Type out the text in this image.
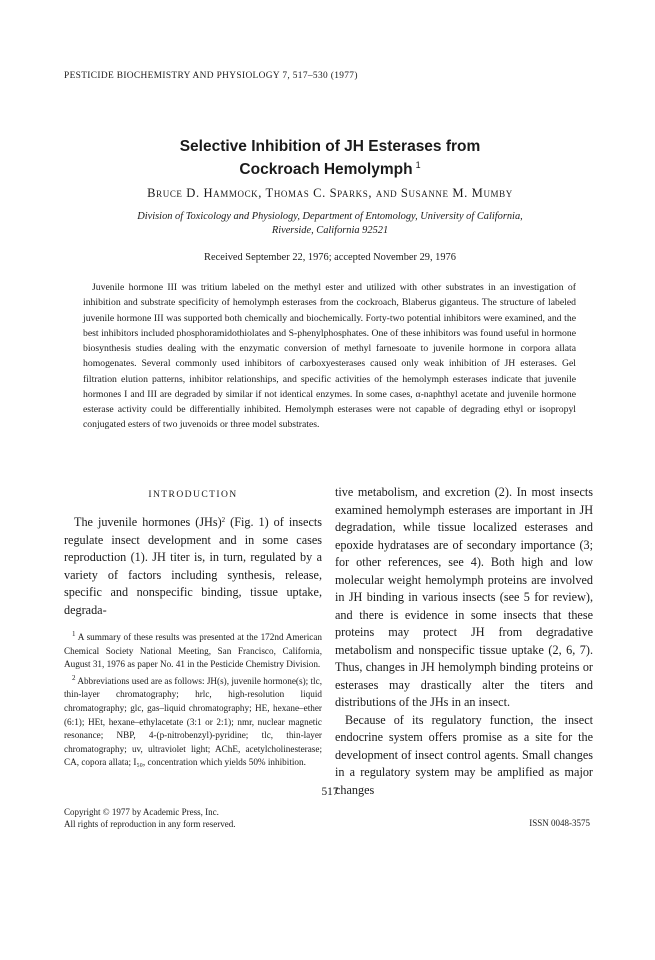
PESTICIDE BIOCHEMISTRY AND PHYSIOLOGY 7, 517–530 (1977)
Selective Inhibition of JH Esterases from
Cockroach Hemolymph $^1$
Bruce D. Hammock, Thomas C. Sparks, and Susanne M. Mumby
Division of Toxicology and Physiology, Department of Entomology, University of California,
Riverside, California 92521
Received September 22, 1976; accepted November 29, 1976
Juvenile hormone III was tritium labeled on the methyl ester and utilized with other substrates in an investigation of inhibition and substrate specificity of hemolymph esterases from the cockroach, Blaberus giganteus. The structure of labeled juvenile hormone III was supported both chemically and biochemically. Forty-two potential inhibitors were examined, and the best inhibitors included phosphoramidothiolates and S-phenylphosphates. One of these inhibitors was found useful in hormone biosynthesis studies dealing with the enzymatic conversion of methyl farnesoate to juvenile hormone in corpora allata homogenates. Several commonly used inhibitors of carboxyesterases caused only weak inhibition of JH esterases. Gel filtration elution patterns, inhibitor relationships, and specific activities of the hemolymph esterases indicate that juvenile hormones I and III are degraded by similar if not identical enzymes. In some cases, α-naphthyl acetate and juvenile hormone esterase activity could be differentially inhibited. Hemolymph esterases were not capable of degrading ethyl or isopropyl conjugated esters of two juvenoids or three model substrates.
INTRODUCTION

The juvenile hormones (JHs)$^2$ (Fig. 1) of insects regulate insect development and in some cases reproduction (1). JH titer is, in turn, regulated by a variety of factors including synthesis, release, specific and nonspecific binding, tissue uptake, degrada-

$^1$ A summary of these results was presented at the 172nd American Chemical Society National Meeting, San Francisco, California, August 31, 1976 as paper No. 41 in the Pesticide Chemistry Division.

$^2$ Abbreviations used are as follows: JH(s), juvenile hormone(s); tlc, thin-layer chromatography; hrlc, high-resolution liquid chromatography; glc, gas–liquid chromatography; HE, hexane–ether (6:1); HEt, hexane–ethylacetate (3:1 or 2:1); nmr, nuclear magnetic resonance; NBP, 4-(p-nitrobenzyl)-pyridine; tlc, thin-layer chromatography; uv, ultraviolet light; AChE, acetylcholinesterase; CA, copora allata; I₅₀, concentration which yields 50% inhibition.

tive metabolism, and excretion (2). In most insects examined hemolymph esterases are important in JH degradation, while tissue localized esterases and epoxide hydratases are of secondary importance (3; for other references, see 4). Both high and low molecular weight hemolymph proteins are involved in JH binding in various insects (see 5 for review), and there is evidence in some insects that these proteins may protect JH from degradative metabolism and nonspecific tissue uptake (2, 6, 7). Thus, changes in JH hemolymph binding proteins or esterases may drastically alter the titers and distributions of the JHs in an insect.

Because of its regulatory function, the insect endocrine system offers promise as a site for the development of insect control agents. Small changes in a regulatory system may be amplified as major changes

517
Copyright © 1977 by Academic Press, Inc.
All rights of reproduction in any form reserved.	ISSN 0048-3575
